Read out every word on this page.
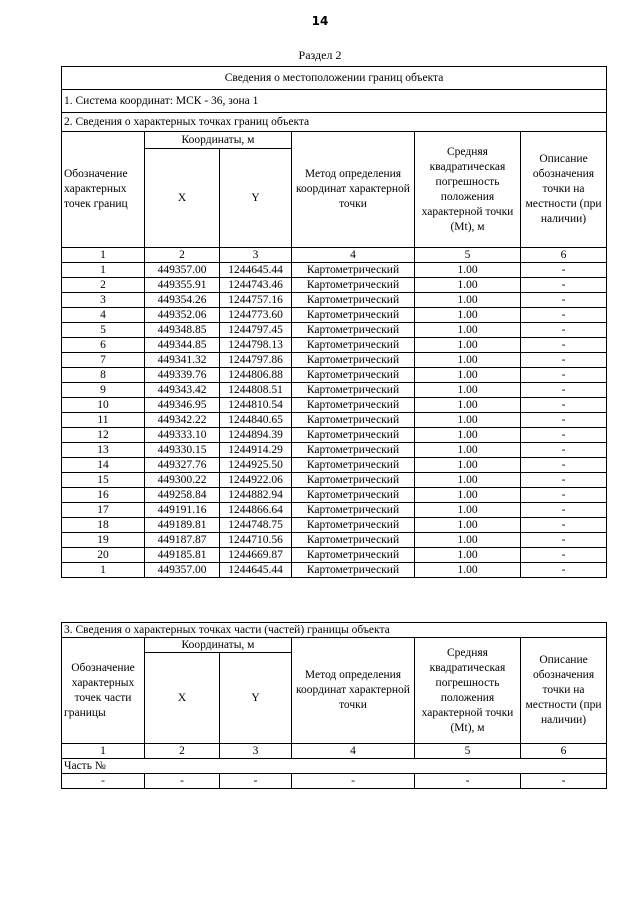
14
Раздел 2
Сведения о местоположении границ объекта					
1. Система координат: МСК - 36, зона 1					
2. Сведения о характерных точках границ объекта					
Обозначение характерных точек границ	Координаты, м		Метод определения координат характерной точки	Средняя квадратическая погрешность положения характерной точки (Mt), м	Описание обозначения точки на местности (при наличии)
	X	Y			
1	2	3	4	5	6
1	449357.00	1244645.44	Картометрический	1.00	-
2	449355.91	1244743.46	Картометрический	1.00	-
3	449354.26	1244757.16	Картометрический	1.00	-
4	449352.06	1244773.60	Картометрический	1.00	-
5	449348.85	1244797.45	Картометрический	1.00	-
6	449344.85	1244798.13	Картометрический	1.00	-
7	449341.32	1244797.86	Картометрический	1.00	-
8	449339.76	1244806.88	Картометрический	1.00	-
9	449343.42	1244808.51	Картометрический	1.00	-
10	449346.95	1244810.54	Картометрический	1.00	-
11	449342.22	1244840.65	Картометрический	1.00	-
12	449333.10	1244894.39	Картометрический	1.00	-
13	449330.15	1244914.29	Картометрический	1.00	-
14	449327.76	1244925.50	Картометрический	1.00	-
15	449300.22	1244922.06	Картометрический	1.00	-
16	449258.84	1244882.94	Картометрический	1.00	-
17	449191.16	1244866.64	Картометрический	1.00	-
18	449189.81	1244748.75	Картометрический	1.00	-
19	449187.87	1244710.56	Картометрический	1.00	-
20	449185.81	1244669.87	Картометрический	1.00	-
1	449357.00	1244645.44	Картометрический	1.00	-
3. Сведения о характерных точках части (частей) границы объекта					
Обозначение характерных точек части границы	Координаты, м		Метод определения координат характерной точки	Средняя квадратическая погрешность положения характерной точки (Mt), м	Описание обозначения точки на местности (при наличии)
	X	Y			
1	2	3	4	5	6
Часть №					
-	-	-	-	-	-
